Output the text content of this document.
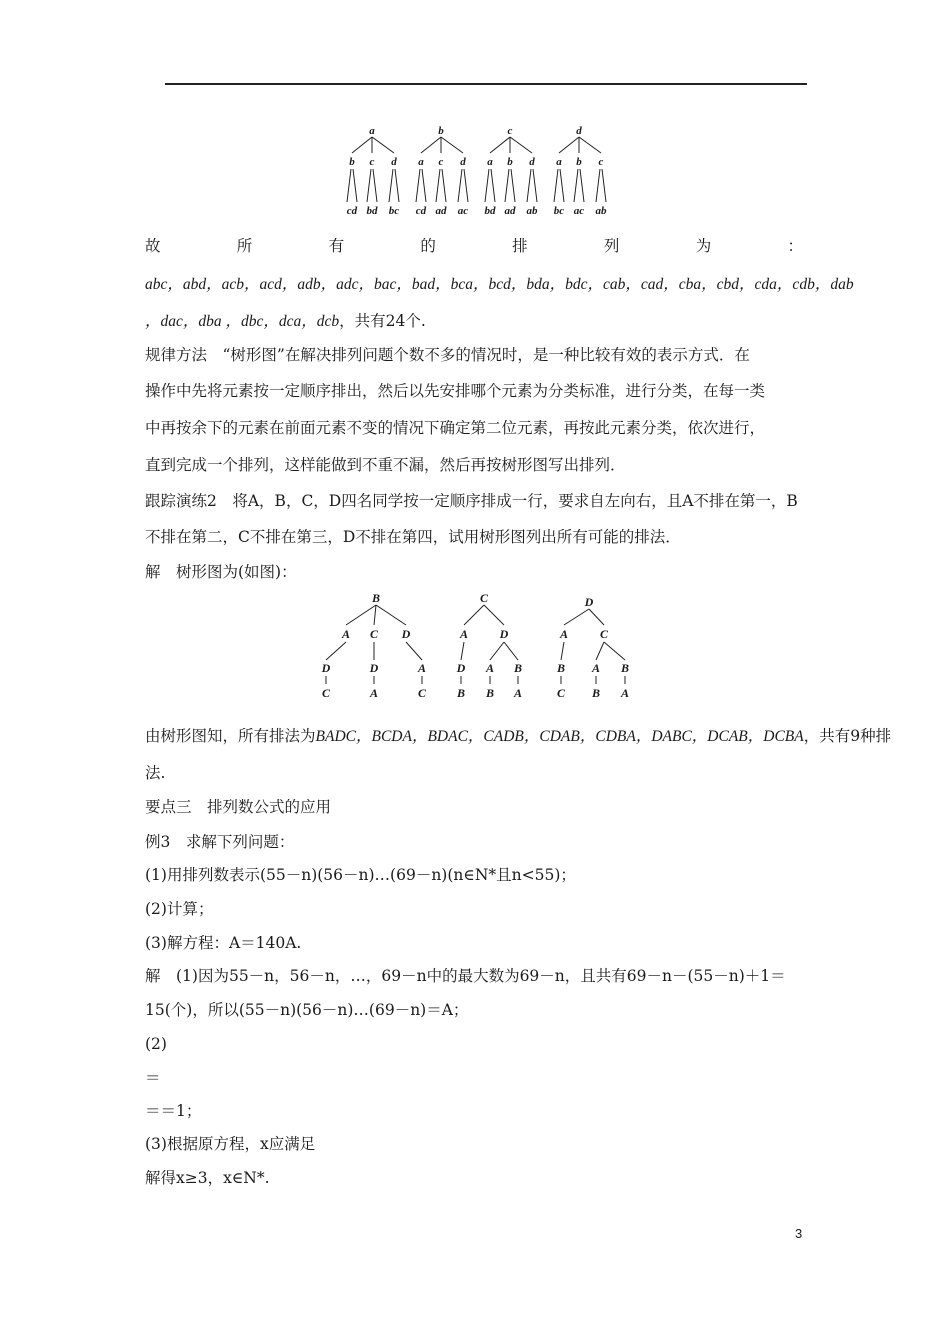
a
b
cd
c
bd
d
bc
b
a
cd
c
ad
d
ac
c
a
bd
b
ad
d
ab
d
a
bc
b
ac
c
ab
故	所	有	的	排	列	为	：
abc，abd，acb，acd，adb，adc，bac，bad，bca，bcd，bda，bdc，cab，cad，cba，cbd，cda，cdb，dab
，dac，dba ，dbc，dca，dcb，共有24个.
规律方法　“树形图”在解决排列问题个数不多的情况时，是一种比较有效的表示方式．在
操作中先将元素按一定顺序排出，然后以先安排哪个元素为分类标准，进行分类，在每一类
中再按余下的元素在前面元素不变的情况下确定第二位元素，再按此元素分类，依次进行，
直到完成一个排列，这样能做到不重不漏，然后再按树形图写出排列．
跟踪演练2　将A，B，C，D四名同学按一定顺序排成一行，要求自左向右，且A不排在第一，B
不排在第二，C不排在第三，D不排在第四，试用树形图列出所有可能的排法．
解　树形图为(如图)：
B
A
D
C
C
D
A
D
A
C
C
A
D
B
D
A
B
B
A
D
A
B
C
C
A
B
B
A
由树形图知，所有排法为BADC，BCDA，BDAC，CADB，CDAB，CDBA，DABC，DCAB，DCBA，共有9种排
法.
要点三　排列数公式的应用
例3　求解下列问题：
(1)用排列数表示(55－n)(56－n)…(69－n)(n∈N*且n<55)；
(2)计算；
(3)解方程：A＝140A.
解　(1)因为55－n，56－n，…，69－n中的最大数为69－n，且共有69－n－(55－n)＋1＝
15(个)，所以(55－n)(56－n)…(69－n)＝A；
(2)
＝
＝＝1；
(3)根据原方程，x应满足
解得x≥3，x∈N*.
3
